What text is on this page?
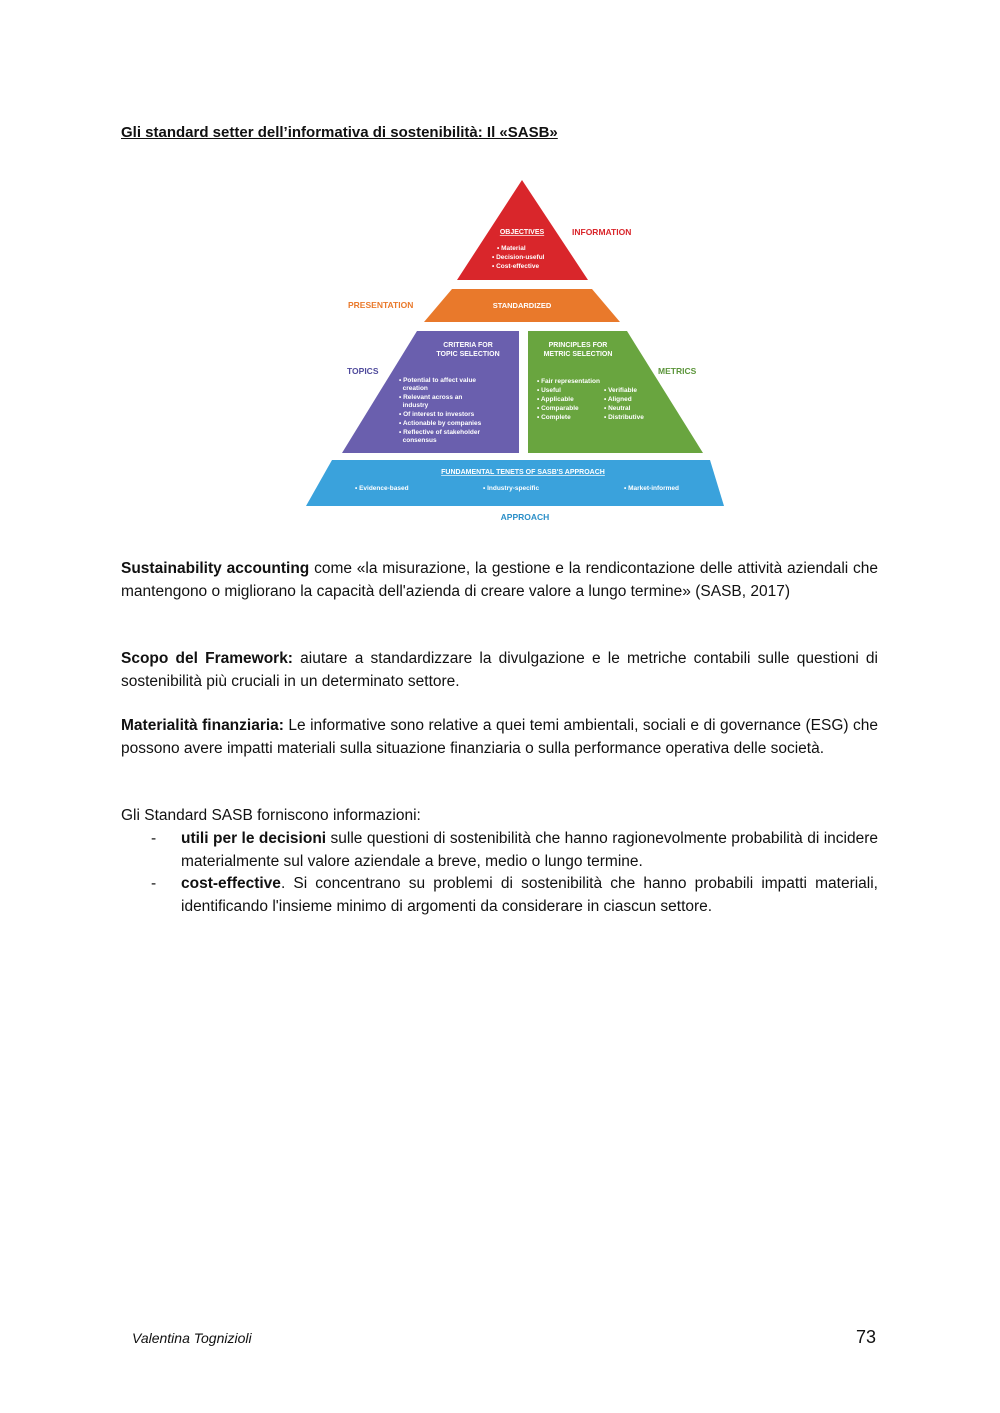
Gli standard setter dell’informativa di sostenibilità: Il «SASB»
OBJECTIVES
• Material
• Decision-useful
• Cost-effective
STANDARDIZED
CRITERIA FOR
TOPIC SELECTION
• Potential to affect value
creation
• Relevant across an
industry
• Of interest to investors
• Actionable by companies
• Reflective of stakeholder
consensus
PRINCIPLES FOR
METRIC SELECTION
• Fair representation
• Useful
• Applicable
• Comparable
• Complete
• Verifiable
• Aligned
• Neutral
• Distributive
FUNDAMENTAL TENETS OF SASB'S APPROACH
• Evidence-based	• Industry-specific	• Market-informed
INFORMATION
PRESENTATION
TOPICS	METRICS
APPROACH

Sustainability accounting come «la misurazione, la gestione e la rendicontazione delle attività aziendali che mantengono o migliorano la capacità dell'azienda di creare valore a lungo termine» (SASB, 2017)

Scopo del Framework: aiutare a standardizzare la divulgazione e le metriche contabili sulle questioni di sostenibilità più cruciali in un determinato settore.

Materialità finanziaria: Le informative sono relative a quei temi ambientali, sociali e di governance (ESG) che possono avere impatti materiali sulla situazione finanziaria o sulla performance operativa delle società.

Gli Standard SASB forniscono informazioni:

- utili per le decisioni sulle questioni di sostenibilità che hanno ragionevolmente probabilità di incidere materialmente sul valore aziendale a breve, medio o lungo termine.

- cost-effective. Si concentrano su problemi di sostenibilità che hanno probabili impatti materiali, identificando l'insieme minimo di argomenti da considerare in ciascun settore.

Valentina Tognizioli	73
